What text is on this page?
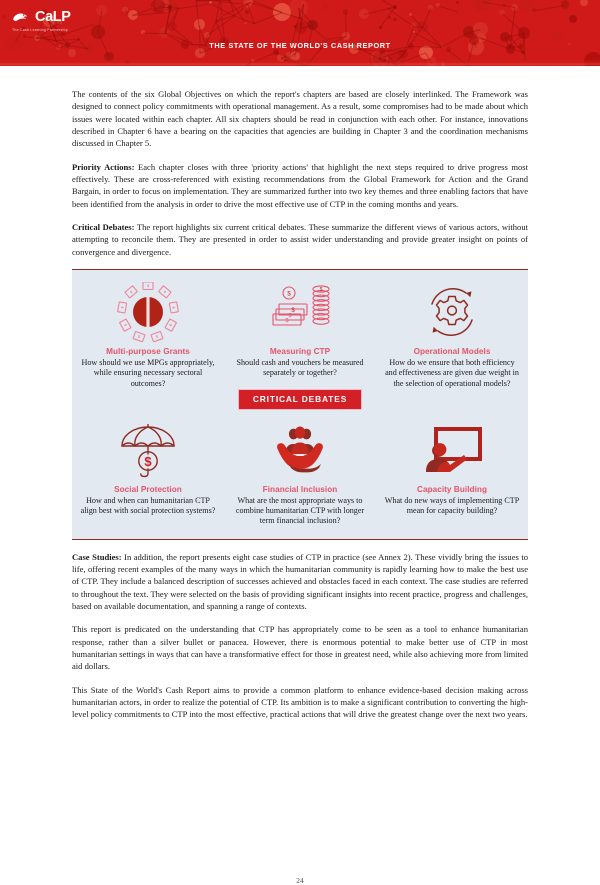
CaLP
The Cash Learning Partnership
THE STATE OF THE WORLD'S CASH REPORT

The contents of the six Global Objectives on which the report's chapters are based are closely interlinked. The Framework was designed to connect policy commitments with operational management. As a result, some compromises had to be made about which issues were located within each chapter. All six chapters should be read in conjunction with each other. For instance, innovations described in Chapter 6 have a bearing on the capacities that agencies are building in Chapter 3 and the coordination mechanisms discussed in Chapter 5.

Priority Actions: Each chapter closes with three 'priority actions' that highlight the next steps required to drive progress most effectively. These are cross-referenced with existing recommendations from the Global Framework for Action and the Grand Bargain, in order to focus on implementation. They are summarized further into two key themes and three enabling factors that have been identified from the analysis in order to drive the most effective use of CTP in the coming months and years.

Critical Debates: The report highlights six current critical debates. These summarize the different views of various actors, without attempting to reconcile them. They are presented in order to assist wider understanding and provide greater insight on points of convergence and divergence.

$
$
$
$
$
$
$
$
$
Multi-purpose Grants

How should we use MPGs appropriately, while ensuring necessary sectoral outcomes?

$
$
$
$
$
Measuring CTP

Should cash and vouchers be measured separately or together?

CRITICAL DEBATES
Operational Models

How do we ensure that both efficiency and effectiveness are given due weight in the selection of operational models?

$
Social Protection

How and when can humanitarian CTP align best with social protection systems?

Financial Inclusion

What are the most appropriate ways to combine humanitarian CTP with longer term financial inclusion?

Capacity Building

What do new ways of implementing CTP mean for capacity building?

Case Studies: In addition, the report presents eight case studies of CTP in practice (see Annex 2). These vividly bring the issues to life, offering recent examples of the many ways in which the humanitarian community is rapidly learning how to make the best use of CTP. They include a balanced description of successes achieved and obstacles faced in each context. The case studies are referred to throughout the text. They were selected on the basis of providing significant insights into recent practice, progress and challenges, based on available documentation, and spanning a range of contexts.

This report is predicated on the understanding that CTP has appropriately come to be seen as a tool to enhance humanitarian response, rather than a silver bullet or panacea. However, there is enormous potential to make better use of CTP in most humanitarian settings in ways that can have a transformative effect for those in greatest need, while also achieving more from limited aid dollars.

This State of the World's Cash Report aims to provide a common platform to enhance evidence-based decision making across humanitarian actors, in order to realize the potential of CTP. Its ambition is to make a significant contribution to converting the high-level policy commitments to CTP into the most effective, practical actions that will drive the greatest change over the next two years.

24
